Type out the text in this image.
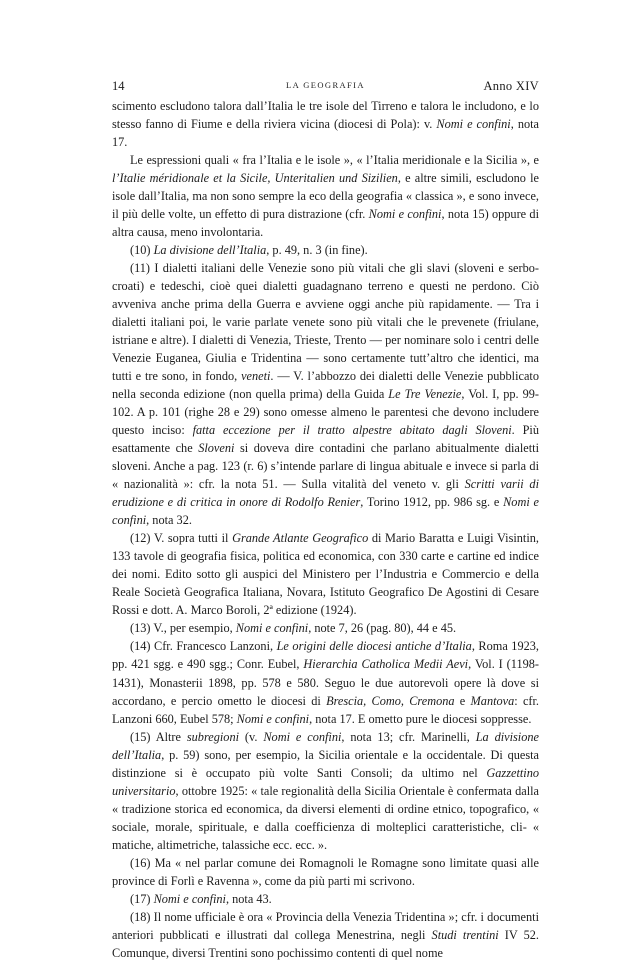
14	LA GEOGRAFIA	Anno XIV

scimento escludono talora dall’Italia le tre isole del Tirreno e talora le includono, e lo stesso fanno di Fiume e della riviera vicina (diocesi di Pola): v. Nomi e confini, nota 17.

Le espressioni quali « fra l’Italia e le isole », « l’Italia meridionale e la Sicilia », e l’Italie méridionale et la Sicile, Unteritalien und Sizilien, e altre simili, escludono le isole dall’Italia, ma non sono sempre la eco della geografia « classica », e sono invece, il più delle volte, un effetto di pura distrazione (cfr. Nomi e confini, nota 15) oppure di altra causa, meno involontaria.

(10) La divisione dell’Italia, p. 49, n. 3 (in fine).

(11) I dialetti italiani delle Venezie sono più vitali che gli slavi (sloveni e serbo-croati) e tedeschi, cioè quei dialetti guadagnano terreno e questi ne perdono. Ciò avveniva anche prima della Guerra e avviene oggi anche più rapidamente. — Tra i dialetti italiani poi, le varie parlate venete sono più vitali che le prevenete (friulane, istriane e altre). I dialetti di Venezia, Trieste, Trento — per nominare solo i centri delle Venezie Euganea, Giulia e Tridentina — sono certamente tutt’altro che identici, ma tutti e tre sono, in fondo, veneti. — V. l’abbozzo dei dialetti delle Venezie pubblicato nella seconda edizione (non quella prima) della Guida Le Tre Venezie, Vol. I, pp. 99-102. A p. 101 (righe 28 e 29) sono omesse almeno le parentesi che devono includere questo inciso: fatta eccezione per il tratto alpestre abitato dagli Sloveni. Più esattamente che Sloveni si doveva dire contadini che parlano abitualmente dialetti sloveni. Anche a pag. 123 (r. 6) s’intende parlare di lingua abituale e invece si parla di « nazionalità »: cfr. la nota 51. — Sulla vitalità del veneto v. gli Scritti varii di erudizione e di critica in onore di Rodolfo Renier, Torino 1912, pp. 986 sg. e Nomi e confini, nota 32.

(12) V. sopra tutti il Grande Atlante Geografico di Mario Baratta e Luigi Visintin, 133 tavole di geografia fisica, politica ed economica, con 330 carte e cartine ed indice dei nomi. Edito sotto gli auspici del Ministero per l’Industria e Commercio e della Reale Società Geografica Italiana, Novara, Istituto Geografico De Agostini di Cesare Rossi e dott. A. Marco Boroli, 2ª edizione (1924).

(13) V., per esempio, Nomi e confini, note 7, 26 (pag. 80), 44 e 45.

(14) Cfr. Francesco Lanzoni, Le origini delle diocesi antiche d’Italia, Roma 1923, pp. 421 sgg. e 490 sgg.; Conr. Eubel, Hierarchia Catholica Medii Aevi, Vol. I (1198-1431), Monasterii 1898, pp. 578 e 580. Seguo le due autorevoli opere là dove si accordano, e percio ometto le diocesi di Brescia, Como, Cremona e Mantova: cfr. Lanzoni 660, Eubel 578; Nomi e confini, nota 17. E ometto pure le diocesi soppresse.

(15) Altre subregioni (v. Nomi e confini, nota 13; cfr. Marinelli, La divisione dell’Italia, p. 59) sono, per esempio, la Sicilia orientale e la occidentale. Di questa distinzione si è occupato più volte Santi Consoli; da ultimo nel Gazzettino universitario, ottobre 1925: « tale regionalità della Sicilia Orientale è confermata dalla « tradizione storica ed economica, da diversi elementi di ordine etnico, topografico, « sociale, morale, spirituale, e dalla coefficienza di molteplici caratteristiche, cli- « matiche, altimetriche, talassiche ecc. ecc. ».

(16) Ma « nel parlar comune dei Romagnoli le Romagne sono limitate quasi alle province di Forlì e Ravenna », come da più parti mi scrivono.

(17) Nomi e confini, nota 43.

(18) Il nome ufficiale è ora « Provincia della Venezia Tridentina »; cfr. i documenti anteriori pubblicati e illustrati dal collega Menestrina, negli Studi trentini IV 52. Comunque, diversi Trentini sono pochissimo contenti di quel nome
